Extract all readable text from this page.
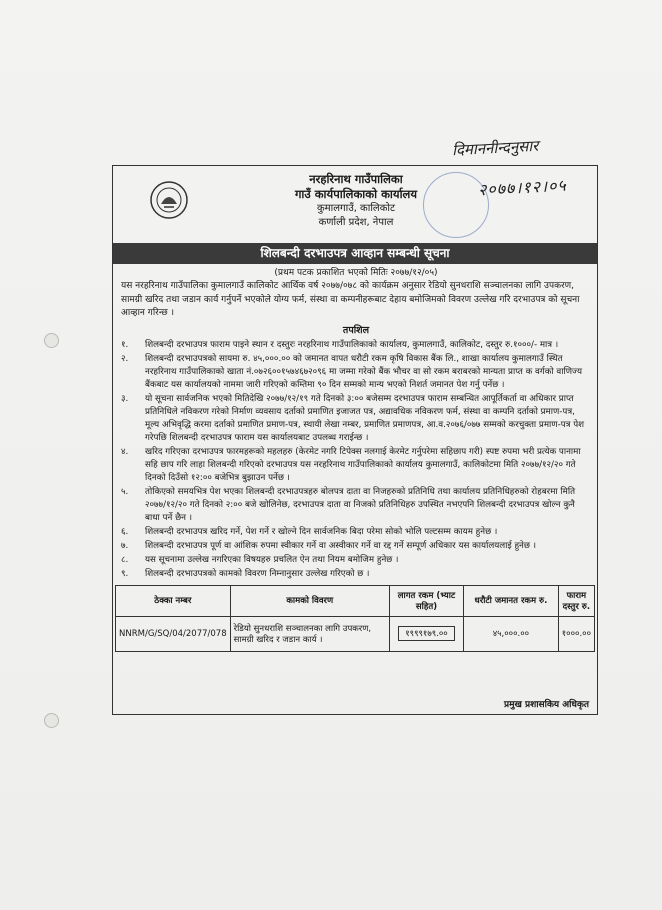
दिमाननीन्दनुसार
२०७७।१२।०५
नरहरिनाथ गाउँपालिका
गाउँ कार्यपालिकाको कार्यालय
कुमालगाउँ, कालिकोट
कर्णाली प्रदेश, नेपाल
शिलबन्दी दरभाउपत्र आव्हान सम्बन्धी सूचना
(प्रथम पटक प्रकाशित भएको मितिः २०७७/१२/०५)
यस नरहरिनाथ गाउँपालिका कुमालगाउँ कालिकोट आर्थिक वर्ष २०७७/०७८ को कार्यक्रम अनुसार रेडियो सुनधराशि सञ्चालनका लागि उपकरण, सामग्री खरिद तथा जडान कार्य गर्नुपर्ने भएकोले योग्य फर्म, संस्था वा कम्पनीहरूबाट देहाय बमोजिमको विवरण उल्लेख गरि दरभाउपत्र को सूचना आव्हान गरिन्छ ।
तपशिल
१.	शिलबन्दी दरभाउपत्र फाराम पाइने स्थान र दस्तुरः नरहरिनाथ गाउँपालिकाको कार्यालय, कुमालगाउँ, कालिकोट, दस्तुर रु.१०००/- मात्र ।
२.	शिलबन्दी दरभाउपत्रको सायमा रु. ४५,०००.०० को जमानत वापत धरौटी रकम कृषि विकास बैंक लि., शाखा कार्यालय कुमालगाउँ स्थित नरहरिनाथ गाउँपालिकाको खाता नं.०७२६००१५७४६७२०९६ मा जम्मा गरेको बैंक भौचर वा सो रकम बराबरको मान्यता प्राप्त क वर्गको वाणिज्य बैंकबाट यस कार्यालयको नाममा जारी गरिएको कम्तिमा ९० दिन सम्मको मान्य भएको निशर्त जमानत पेश गर्नु पर्नेछ ।
३.	यो सूचना सार्वजनिक भएको मितिदेखि २०७७/१२/१९ गते दिनको ३:०० बजेसम्म दरभाउपत्र फाराम सम्बन्धित आपूर्तिकर्ता वा अधिकार प्राप्त प्रतिनिधिले नविकरण गरेको निर्माण व्यवसाय दर्ताको प्रमाणित इजाजत पत्र, अद्यावधिक नविकरण फर्म, संस्था वा कम्पनि दर्ताको प्रमाण-पत्र, मूल्य अभिवृद्धि करमा दर्ताको प्रमाणित प्रमाण-पत्र, स्थायी लेखा नम्बर, प्रमाणित प्रमाणपत्र, आ.व.२०७६/०७७ सम्मको करचुक्ता प्रमाण-पत्र पेश गरेपछि शिलबन्दी दरभाउपत्र फाराम यस कार्यालयबाट उपलब्ध गराईन्छ ।
४.	खरिद गरिएका दरभाउपत्र फारमहरूको महलहरु (केरमेट नगरि टिपेक्स नलगाई केरमेट गर्नुपरेमा सहिछाप गरी) स्पष्ट रुपमा भरी प्रत्येक पानामा सहि छाप गरि लाहा शिलबन्दी गरिएको दरभाउपत्र यस नरहरिनाथ गाउँपालिकाको कार्यालय कुमालगाउँ, कालिकोटमा मिति २०७७/१२/२० गते दिनको दिउँसो १२:०० बजेभित्र बुझाउन पर्नेछ ।
५.	तोकिएको समयभित्र पेश भएका शिलबन्दी दरभाउपत्रहरु बोलपत्र दाता वा निजहरुको प्रतिनिधि तथा कार्यालय प्रतिनिधिहरुको रोहबरमा मिति २०७७/१२/२० गते दिनको २:०० बजे खोलिनेछ, दरभाउपत्र दाता वा निजको प्रतिनिधिहरु उपस्थित नभएपनि शिलबन्दी दरभाउपत्र खोल्न कुनै बाधा पर्ने छैन ।
६.	शिलबन्दी दरभाउपत्र खरिद गर्ने, पेश गर्ने र खोल्ने दिन सार्वजनिक बिदा परेमा सोको भोलि पल्टसम्म कायम हुनेछ ।
७.	शिलबन्दी दरभाउपत्र पूर्ण वा आंशिक रुपमा स्वीकार गर्ने वा अस्वीकार गर्ने वा रद्द गर्ने सम्पूर्ण अधिकार यस कार्यालयलाई हुनेछ ।
८.	यस सूचनामा उल्लेख नगरिएका विषयहरु प्रचलित ऐन तथा नियम बमोजिम हुनेछ ।
९.	शिलबन्दी दरभाउपत्रको कामको विवरण निम्नानुसार उल्लेख गरिएको छ ।
ठेक्का नम्बर	कामको विवरण	लागत रकम (भ्याट सहित)	धरौटी जमानत रकम रु.	फाराम दस्तुर रु.
NNRM/G/SQ/04/2077/078	रेडियो सुनधराशि सञ्चालनका लागि उपकरण, सामग्री खरिद र जडान कार्य ।	१९९९१७९.००	४५,०००.००	१०००.००
प्रमुख प्रशासकिय अधिकृत
